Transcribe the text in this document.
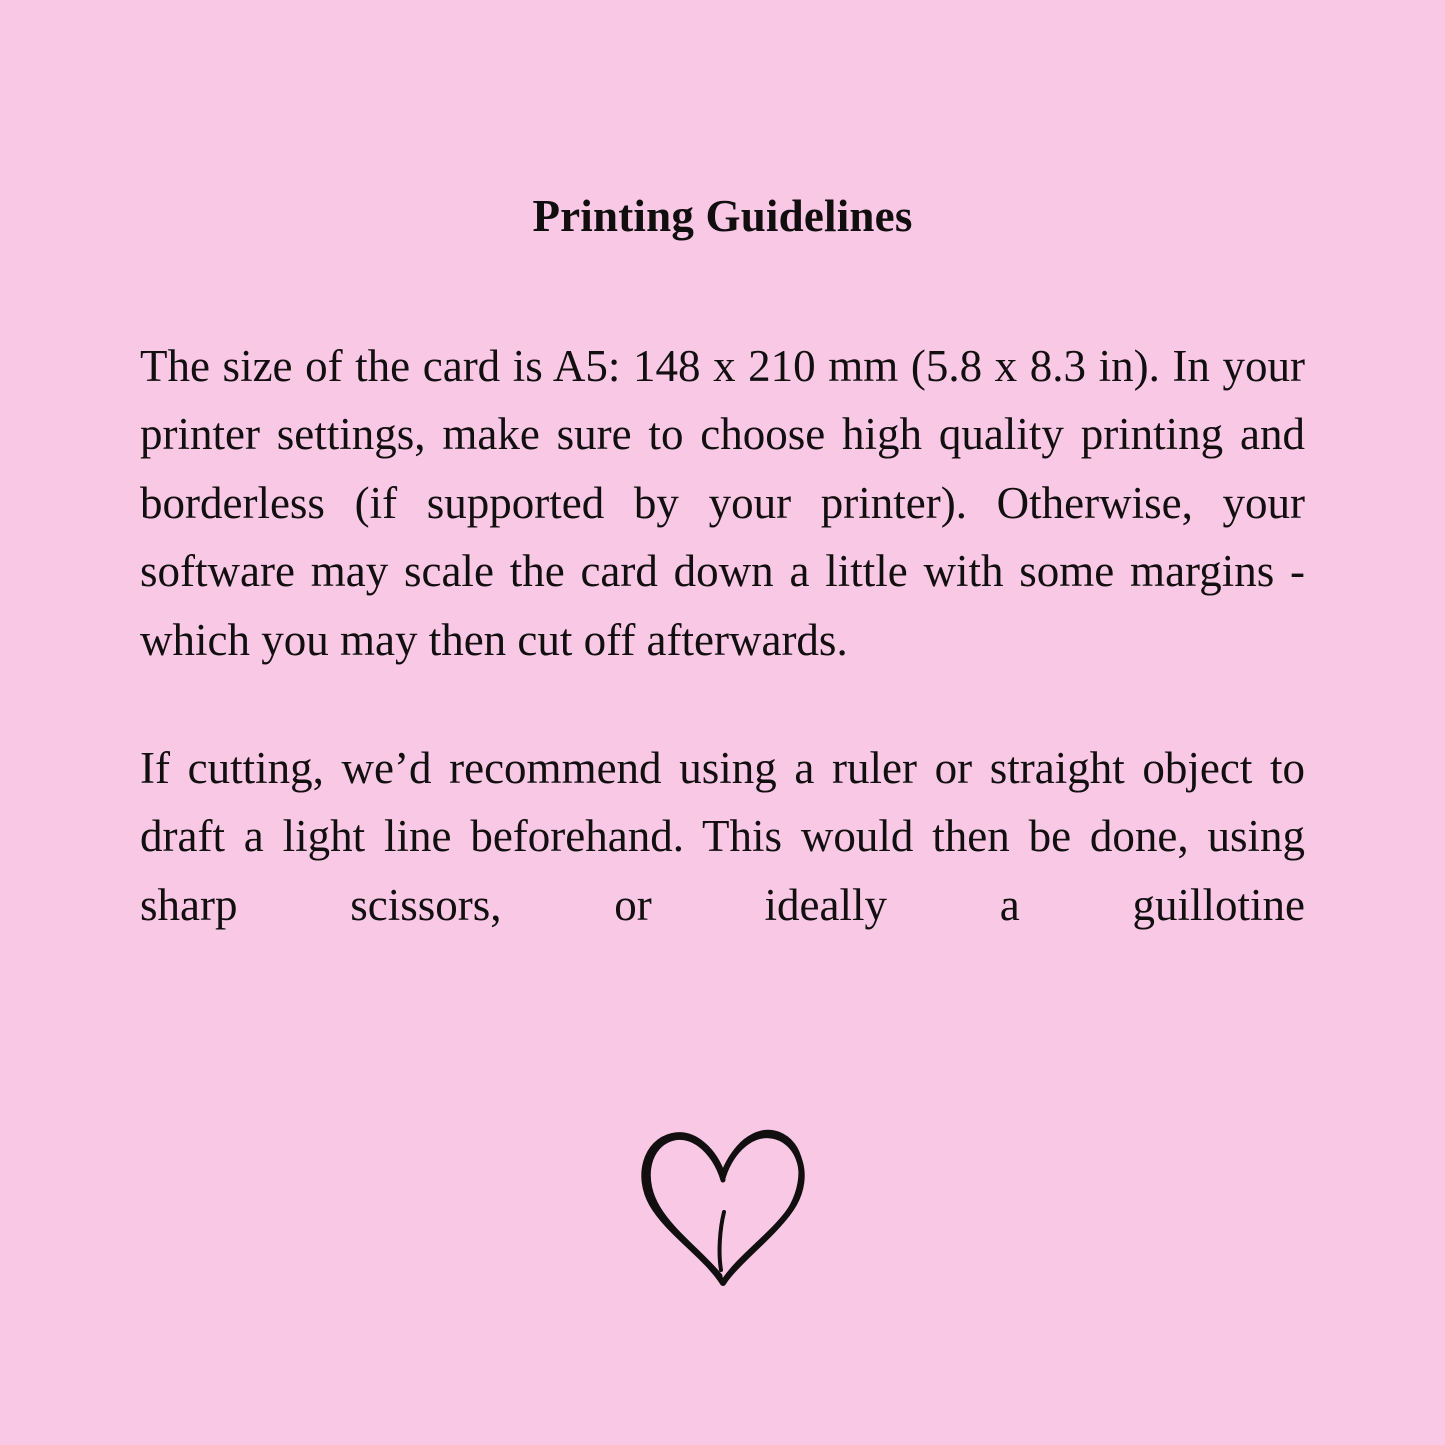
Printing Guidelines

The size of the card is A5: 148 x 210 mm (5.8 x 8.3 in). In your printer settings, make sure to choose high quality printing and borderless (if supported by your printer). Otherwise, your software may scale the card down a little with some margins - which you may then cut off afterwards.

If cutting, we’d recommend using a ruler or straight object to draft a light line beforehand. This would then be done, using sharp scissors, or ideally a guillotine
